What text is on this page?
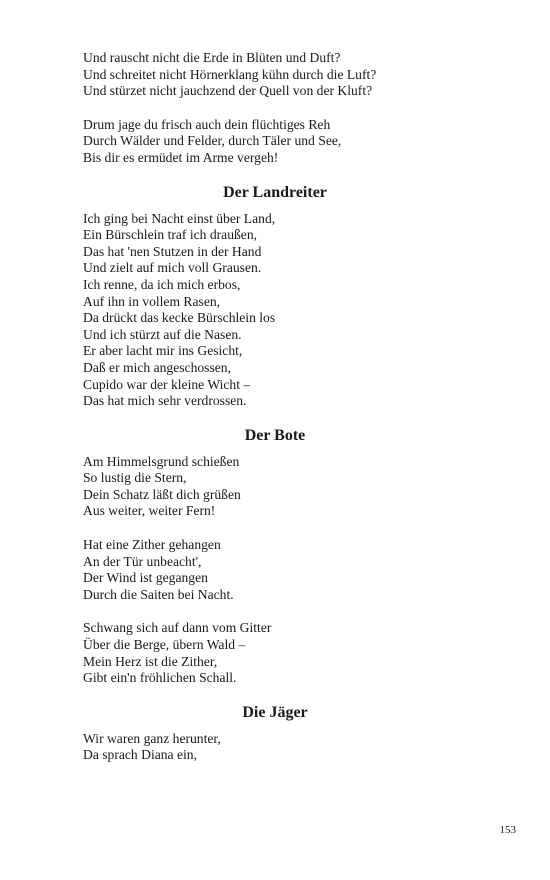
Und rauscht nicht die Erde in Blüten und Duft?
Und schreitet nicht Hörnerklang kühn durch die Luft?
Und stürzet nicht jauchzend der Quell von der Kluft?
Drum jage du frisch auch dein flüchtiges Reh
Durch Wälder und Felder, durch Täler und See,
Bis dir es ermüdet im Arme vergeh!
Der Landreiter
Ich ging bei Nacht einst über Land,
Ein Bürschlein traf ich draußen,
Das hat 'nen Stutzen in der Hand
Und zielt auf mich voll Grausen.
Ich renne, da ich mich erbos,
Auf ihn in vollem Rasen,
Da drückt das kecke Bürschlein los
Und ich stürzt auf die Nasen.
Er aber lacht mir ins Gesicht,
Daß er mich angeschossen,
Cupido war der kleine Wicht –
Das hat mich sehr verdrossen.
Der Bote
Am Himmelsgrund schießen
So lustig die Stern,
Dein Schatz läßt dich grüßen
Aus weiter, weiter Fern!
Hat eine Zither gehangen
An der Tür unbeacht',
Der Wind ist gegangen
Durch die Saiten bei Nacht.
Schwang sich auf dann vom Gitter
Über die Berge, übern Wald –
Mein Herz ist die Zither,
Gibt ein'n fröhlichen Schall.
Die Jäger
Wir waren ganz herunter,
Da sprach Diana ein,
153
